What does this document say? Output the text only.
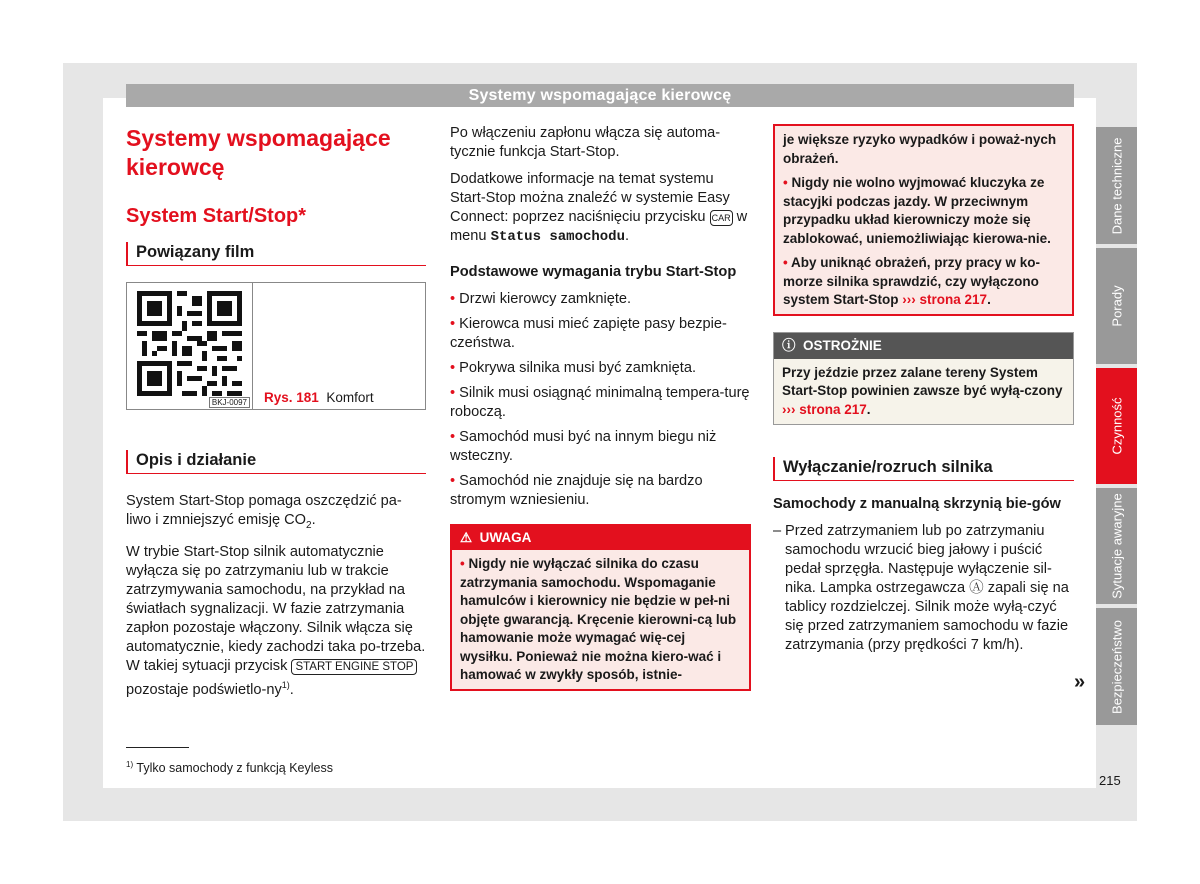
Systemy wspomagające kierowcę
Systemy wspomagające kierowcę
System Start/Stop*
Powiązany film
BKJ-0097 Rys. 181 Komfort
Opis i działanie

System Start-Stop pomaga oszczędzić pa-liwo i zmniejszyć emisję $CO_2$.

W trybie Start-Stop silnik automatycznie wyłącza się po zatrzymaniu lub w trakcie zatrzymywania samochodu, na przykład na światłach sygnalizacji. W fazie zatrzymania zapłon pozostaje włączony. Silnik włącza się automatycznie, kiedy zachodzi taka po-trzeba. W takiej sytuacji przycisk START ENGINE STOP pozostaje podświetlo-$ny^{1)}$.

Po włączeniu zapłonu włącza się automa-tycznie funkcja Start-Stop.

Dodatkowe informacje na temat systemu Start-Stop można znaleźć w systemie Easy Connect: poprzez naciśnięciu przycisku CAR w menu Status samochodu.

Podstawowe wymagania trybu Start-Stop

• Drzwi kierowcy zamknięte.

• Kierowca musi mieć zapięte pasy bezpie-czeństwa.

• Pokrywa silnika musi być zamknięta.

• Silnik musi osiągnąć minimalną tempera-turę roboczą.

• Samochód musi być na innym biegu niż wsteczny.

• Samochód nie znajduje się na bardzo stromym wzniesieniu.

⚠ UWAGA
• Nigdy nie wyłączać silnika do czasu zatrzymania samochodu. Wspomaganie hamulców i kierownicy nie będzie w peł-ni objęte gwarancją. Kręcenie kierowni-cą lub hamowanie może wymagać wię-cej wysiłku. Ponieważ nie można kiero-wać i hamować w zwykły sposób, istnie-
je większe ryzyko wypadków i poważ-nych obrażeń.
• Nigdy nie wolno wyjmować kluczyka ze stacyjki podczas jazdy. W przeciwnym przypadku układ kierowniczy może się zablokować, uniemożliwiając kierowa-nie.
• Aby uniknąć obrażeń, przy pracy w ko-morze silnika sprawdzić, czy wyłączono system Start-Stop ››› strona 217.
ⓘ OSTROŻNIE
Przy jeździe przez zalane tereny System Start-Stop powinien zawsze być wyłą-czony ››› strona 217.
Wyłączanie/rozruch silnika

Samochody z manualną skrzynią bie-gów

– Przed zatrzymaniem lub po zatrzymaniu samochodu wrzucić bieg jałowy i puścić pedał sprzęgła. Następuje wyłączenie sil-nika. Lampka ostrzegawcza Ⓐ zapali się na tablicy rozdzielczej. Silnik może wyłą-czyć się przed zatrzymaniem samochodu w fazie zatrzymania (przy prędkości 7 km/h).
»
$^{1)}$ Tylko samochody z funkcją Keyless
Dane techniczne
Porady
Czynność
Sytuacje awaryjne
Bezpieczeństwo
215
